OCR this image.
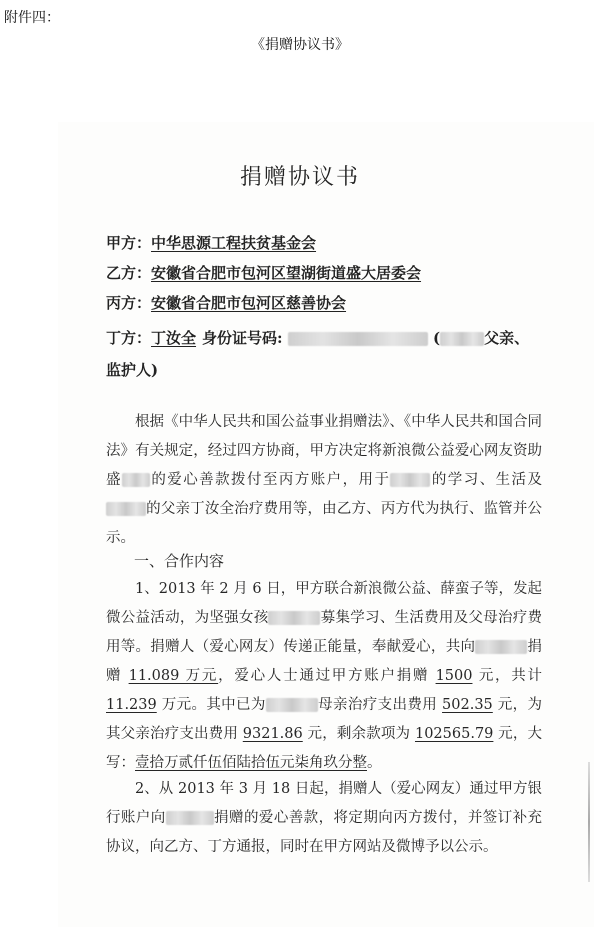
附件四：
《捐赠协议书》
捐赠协议书
甲方：中华思源工程扶贫基金会
乙方：安徽省合肥市包河区望湖街道盛大居委会
丙方：安徽省合肥市包河区慈善协会
丁方：丁汝全 身份证号码:	(	父亲、监护人)
根据《中华人民共和国公益事业捐赠法》、《中华人民共和国合同法》有关规定，经过四方协商，甲方决定将新浪微公益爱心网友资助盛 的爱心善款拨付至丙方账户，用于	的学习、生活及的父亲丁汝全治疗费用等，由乙方、丙方代为执行、监管并公示。
一、合作内容
1、2013 年 2 月 6 日，甲方联合新浪微公益、薛蛮子等，发起微公益活动，为坚强女孩	募集学习、生活费用及父母治疗费用等。捐赠人（爱心网友）传递正能量，奉献爱心，共向	捐赠 11.089 万元，爱心人士通过甲方账户捐赠 1500 元，共计 11.239 万元。其中已为	母亲治疗支出费用 502.35 元，为其父亲治疗支出费用 9321.86 元，剩余款项为 102565.79 元，大写：壹拾万贰仟伍佰陆拾伍元柒角玖分整。
2、从 2013 年 3 月 18 日起，捐赠人（爱心网友）通过甲方银行账户向	捐赠的爱心善款，将定期向丙方拨付，并签订补充协议，向乙方、丁方通报，同时在甲方网站及微博予以公示。
